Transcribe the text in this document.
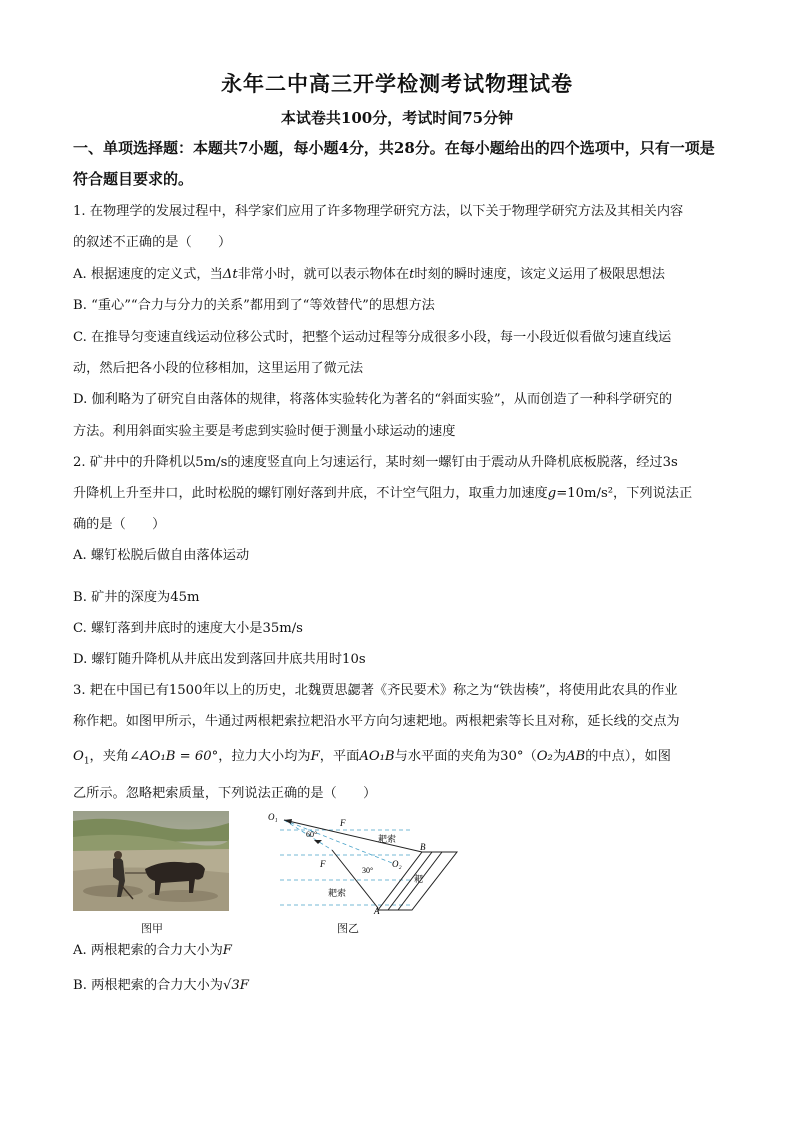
永年二中高三开学检测考试物理试卷
本试卷共100分，考试时间75分钟
一、单项选择题：本题共7小题，每小题4分，共28分。在每小题给出的四个选项中，只有一项是符合题目要求的。
1. 在物理学的发展过程中，科学家们应用了许多物理学研究方法，以下关于物理学研究方法及其相关内容
的叙述不正确的是（　　）
A. 根据速度的定义式，当Δt非常小时，就可以表示物体在t时刻的瞬时速度，该定义运用了极限思想法
B. “重心”“合力与分力的关系”都用到了“等效替代”的思想方法
C. 在推导匀变速直线运动位移公式时，把整个运动过程等分成很多小段，每一小段近似看做匀速直线运
动，然后把各小段的位移相加，这里运用了微元法
D. 伽利略为了研究自由落体的规律，将落体实验转化为著名的“斜面实验”，从而创造了一种科学研究的
方法。利用斜面实验主要是考虑到实验时便于测量小球运动的速度
2. 矿井中的升降机以5m/s的速度竖直向上匀速运行，某时刻一螺钉由于震动从升降机底板脱落，经过3s
升降机上升至井口，此时松脱的螺钉刚好落到井底，不计空气阻力，取重力加速度g=10m/s²，下列说法正
确的是（　　）
A. 螺钉松脱后做自由落体运动
B. 矿井的深度为45m
C. 螺钉落到井底时的速度大小是35m/s
D. 螺钉随升降机从井底出发到落回井底共用时10s
3. 耙在中国已有1500年以上的历史，北魏贾思勰著《齐民要术》称之为“铁齿楱”，将使用此农具的作业
称作耙。如图甲所示，牛通过两根耙索拉耙沿水平方向匀速耙地。两根耙索等长且对称，延长线的交点为
$O_1$，夹角∠AO₁B = 60°，拉力大小均为F，平面AO₁B与水平面的夹角为30°（O₂为AB的中点），如图
乙所示。忽略耙索质量，下列说法正确的是（　　）
图甲
O₁
F
60°	耙索
B
F	O₂
30°
耙索
耙
A
图乙
A. 两根耙索的合力大小为F
B. 两根耙索的合力大小为√3F
